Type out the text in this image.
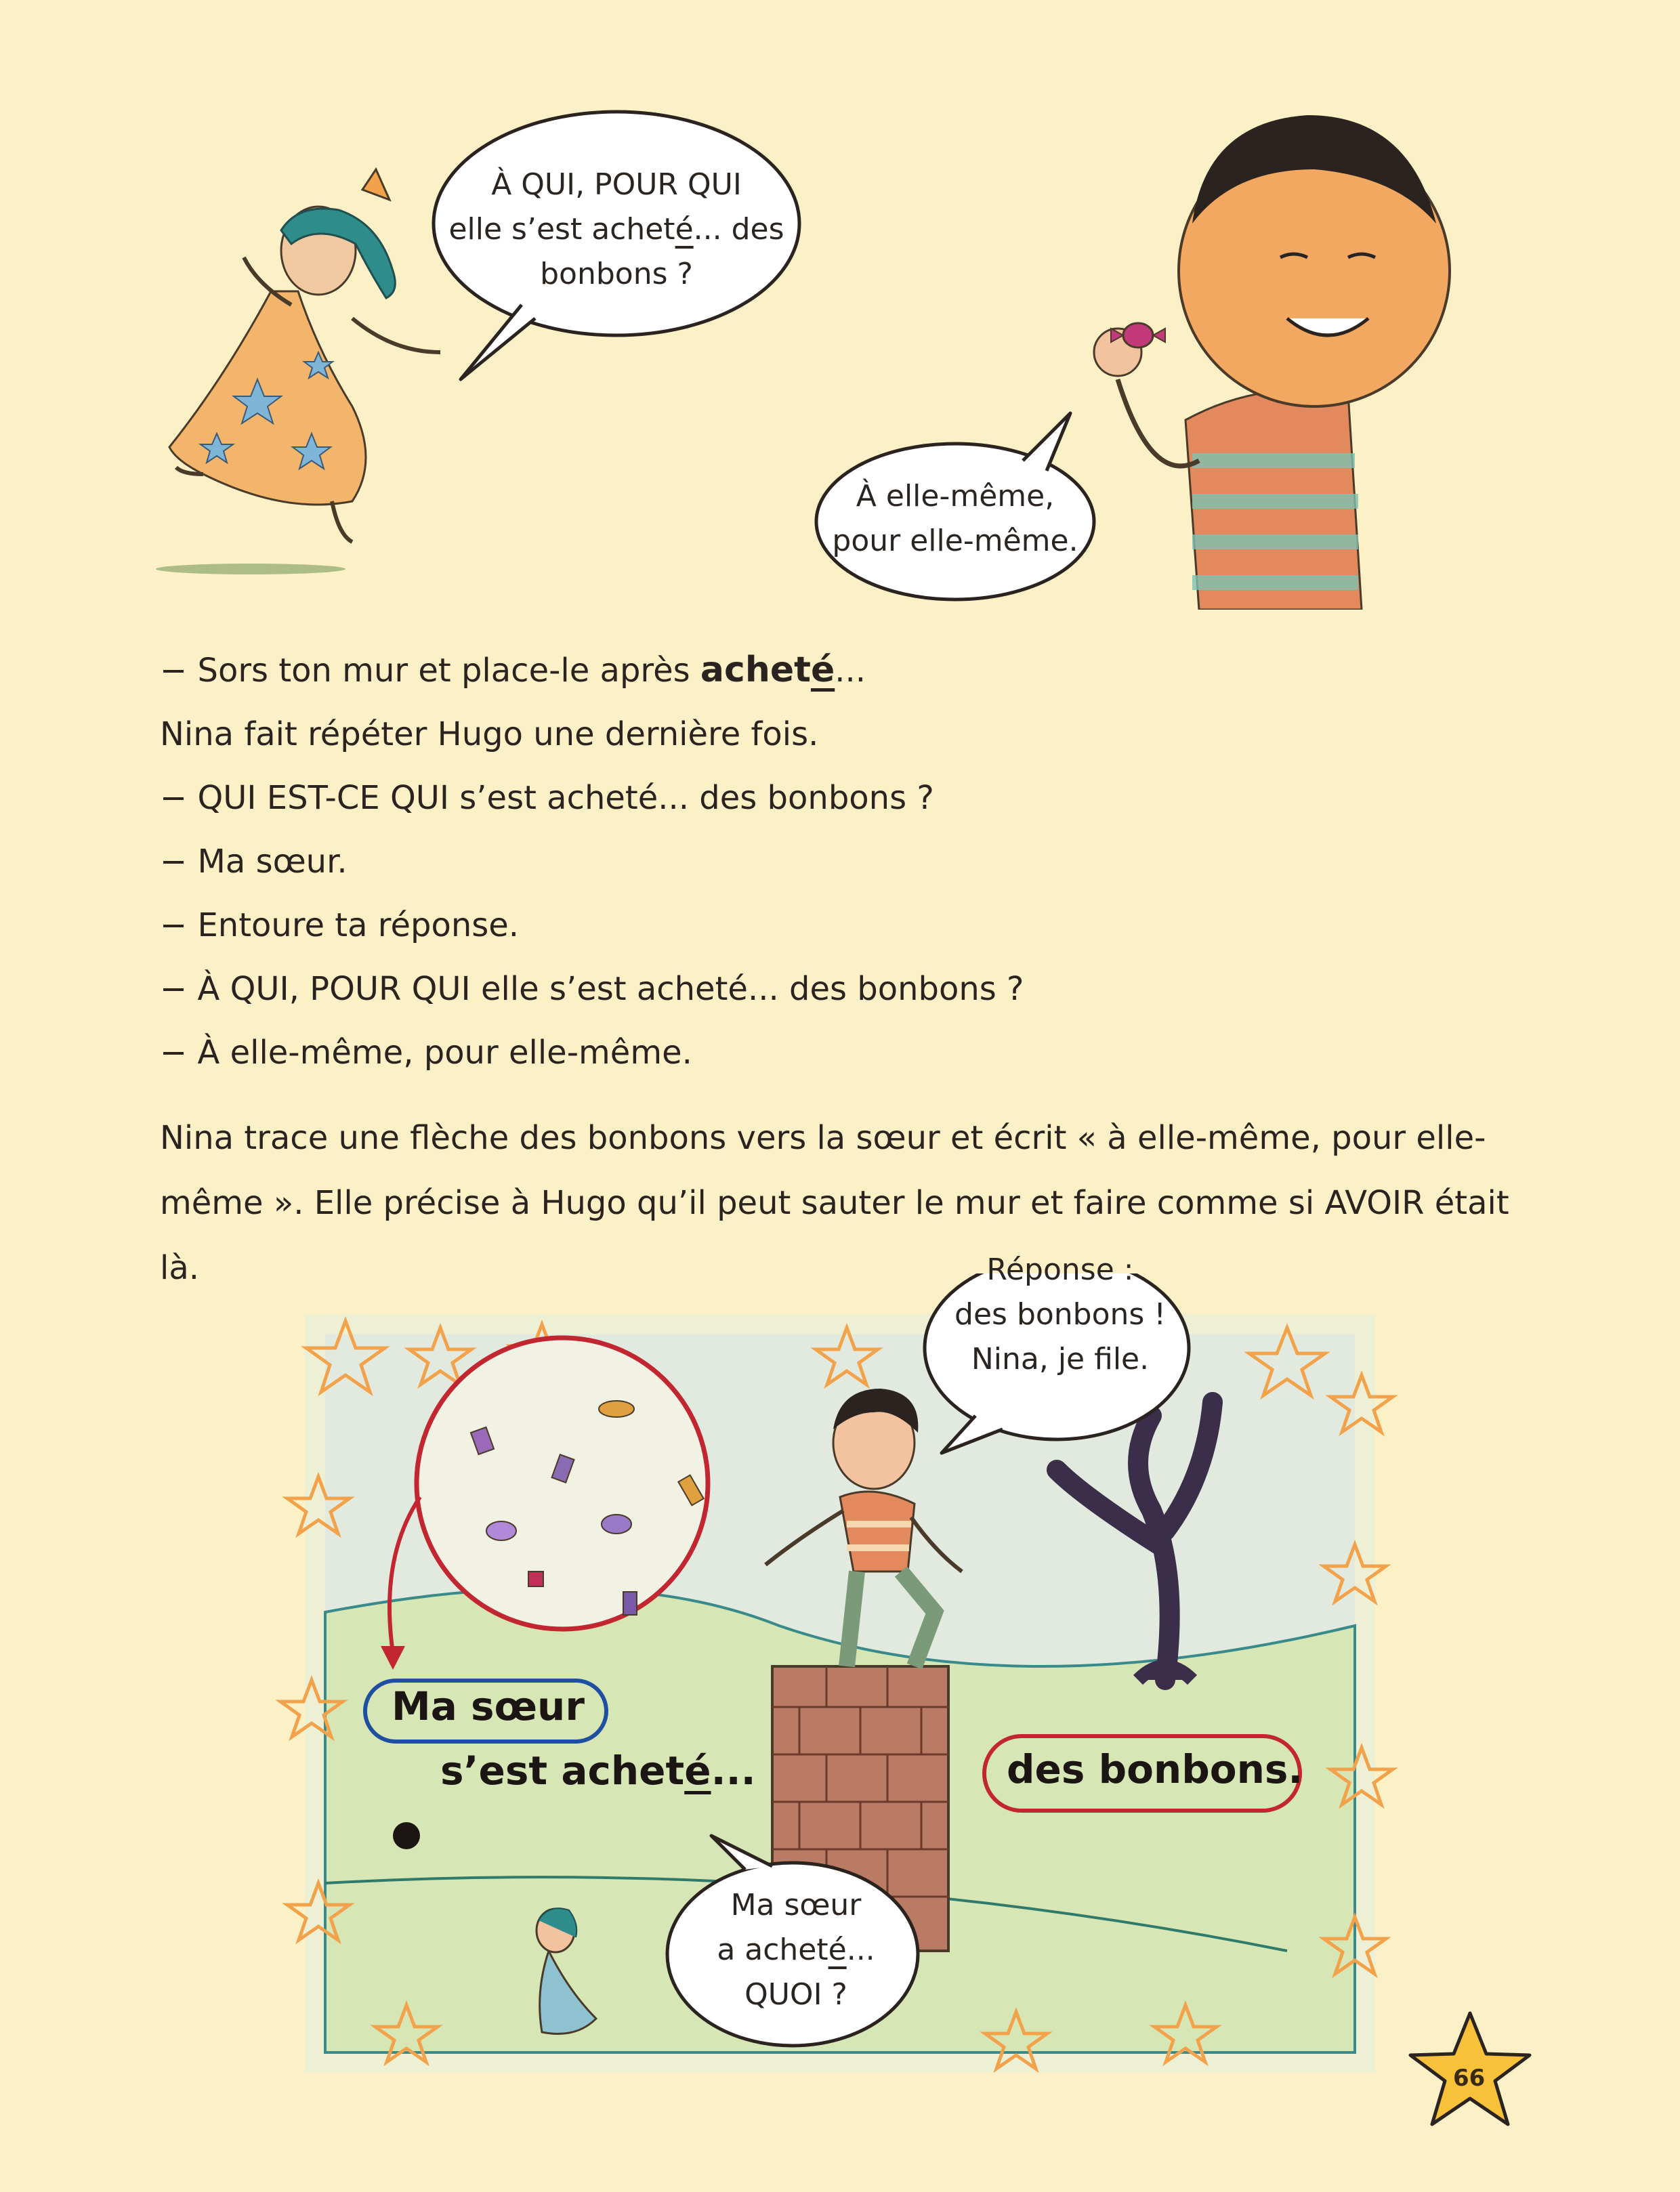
À QUI, POUR QUI
elle s’est acheté... des
bonbons ?
À elle-même,
pour elle-même.
− Sors ton mur et place-le après acheté...
Nina fait répéter Hugo une dernière fois.
− QUI EST-CE QUI s’est acheté... des bonbons ?
− Ma sœur.
− Entoure ta réponse.
− À QUI, POUR QUI elle s’est acheté... des bonbons ?
− À elle-même, pour elle-même.
Nina trace une flèche des bonbons vers la sœur et écrit « à elle-même, pour elle-
même ». Elle précise à Hugo qu’il peut sauter le mur et faire comme si AVOIR était
là.	Réponse :
des bonbons !
Nina, je file.
Ma sœur
s’est acheté...	des bonbons.
Ma sœur
a acheté...
QUOI ?
66
